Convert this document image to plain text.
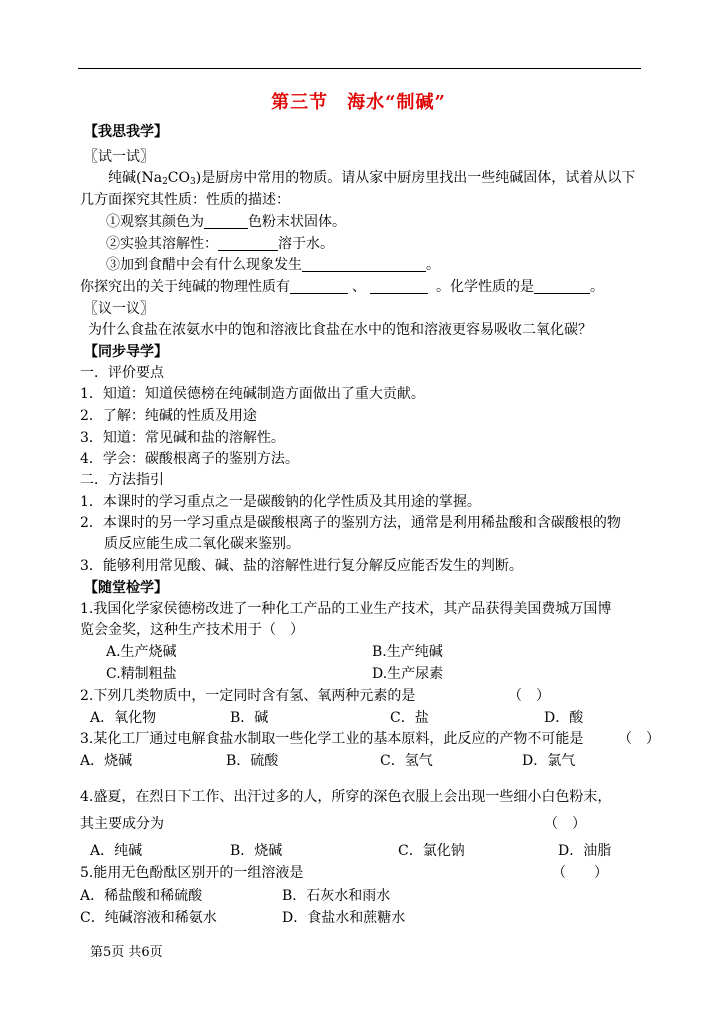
第三节　海水“制碱”
【我思我学】
〖试一试〗
纯碱$(Na_2CO_3)$是厨房中常用的物质。请从家中厨房里找出一些纯碱固体，试着从以下
几方面探究其性质：性质的描述：
①观察其颜色为	色粉末状固体。
②实验其溶解性：	溶于水。
③加到食醋中会有什么现象发生	。
你探究出的关于纯碱的物理性质有	、	。化学性质的是	。
〖议一议〗
为什么食盐在浓氨水中的饱和溶液比食盐在水中的饱和溶液更容易吸收二氧化碳？
【同步导学】
一．评价要点
1．知道：知道侯德榜在纯碱制造方面做出了重大贡献。
2．了解：纯碱的性质及用途
3．知道：常见碱和盐的溶解性。
4．学会：碳酸根离子的鉴别方法。
二．方法指引
1．本课时的学习重点之一是碳酸钠的化学性质及其用途的掌握。
2．本课时的另一学习重点是碳酸根离子的鉴别方法，通常是利用稀盐酸和含碳酸根的物
质反应能生成二氧化碳来鉴别。
3．能够利用常见酸、碱、盐的溶解性进行复分解反应能否发生的判断。
【随堂检学】
1.我国化学家侯德榜改进了一种化工产品的工业生产技术，其产品获得美国费城万国博
览会金奖，这种生产技术用于（　）
A.生产烧碱	B.生产纯碱
C.精制粗盐	D.生产尿素
2.下列几类物质中，一定同时含有氢、氧两种元素的是	（　）
A．氧化物	B．碱	C．盐	D．酸
3.某化工厂通过电解食盐水制取一些化学工业的基本原料，此反应的产物不可能是 （　）
A．烧碱	B．硫酸	C．氢气	D．氯气
4.盛夏，在烈日下工作、出汗过多的人，所穿的深色衣服上会出现一些细小白色粉末，
其主要成分为	（　）
A．纯碱	B．烧碱	C．氯化钠	D．油脂
5.能用无色酚酞区别开的一组溶液是	（　　）
A．稀盐酸和稀硫酸	B．石灰水和雨水
C．纯碱溶液和稀氨水	D．食盐水和蔗糖水
第5页 共6页
